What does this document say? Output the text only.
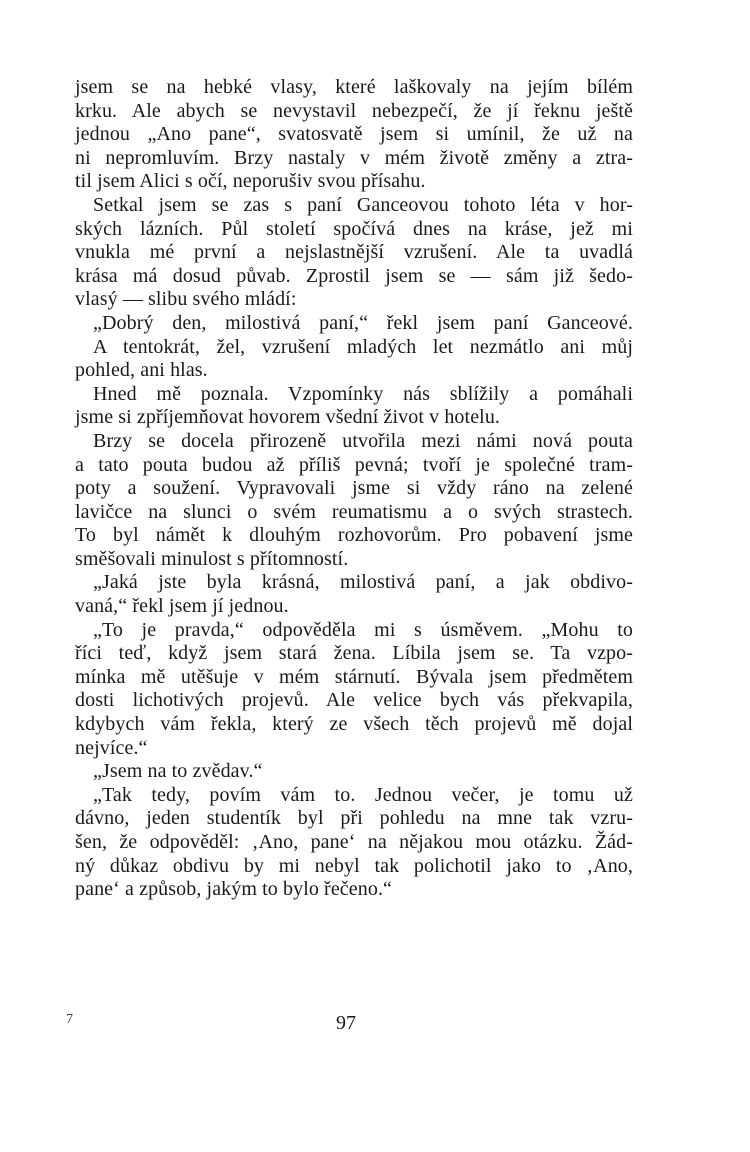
jsem se na hebké vlasy, které laškovaly na jejím bílém
krku. Ale abych se nevystavil nebezpečí, že jí řeknu ještě
jednou „Ano pane“, svatosvatě jsem si umínil, že už na
ni nepromluvím. Brzy nastaly v mém životě změny a ztra-
til jsem Alici s očí, neporušiv svou přísahu.
Setkal jsem se zas s paní Ganceovou tohoto léta v hor-
ských lázních. Půl století spočívá dnes na kráse, jež mi
vnukla mé první a nejslastnější vzrušení. Ale ta uvadlá
krása má dosud půvab. Zprostil jsem se — sám již šedo-
vlasý — slibu svého mládí:
„Dobrý den, milostivá paní,“ řekl jsem paní Ganceové.
A tentokrát, žel, vzrušení mladých let nezmátlo ani můj
pohled, ani hlas.
Hned mě poznala. Vzpomínky nás sblížily a pomáhali
jsme si zpříjemňovat hovorem všední život v hotelu.
Brzy se docela přirozeně utvořila mezi námi nová pouta
a tato pouta budou až příliš pevná; tvoří je společné tram-
poty a soužení. Vypravovali jsme si vždy ráno na zelené
lavičce na slunci o svém reumatismu a o svých strastech.
To byl námět k dlouhým rozhovorům. Pro pobavení jsme
směšovali minulost s přítomností.
„Jaká jste byla krásná, milostivá paní, a jak obdivo-
vaná,“ řekl jsem jí jednou.
„To je pravda,“ odpověděla mi s úsměvem. „Mohu to
říci teď, když jsem stará žena. Líbila jsem se. Ta vzpo-
mínka mě utěšuje v mém stárnutí. Bývala jsem předmětem
dosti lichotivých projevů. Ale velice bych vás překvapila,
kdybych vám řekla, který ze všech těch projevů mě dojal
nejvíce.“
„Jsem na to zvědav.“
„Tak tedy, povím vám to. Jednou večer, je tomu už
dávno, jeden studentík byl při pohledu na mne tak vzru-
šen, že odpověděl: ‚Ano, pane‘ na nějakou mou otázku. Žád-
ný důkaz obdivu by mi nebyl tak polichotil jako to ‚Ano,
pane‘ a způsob, jakým to bylo řečeno.“
7	97
